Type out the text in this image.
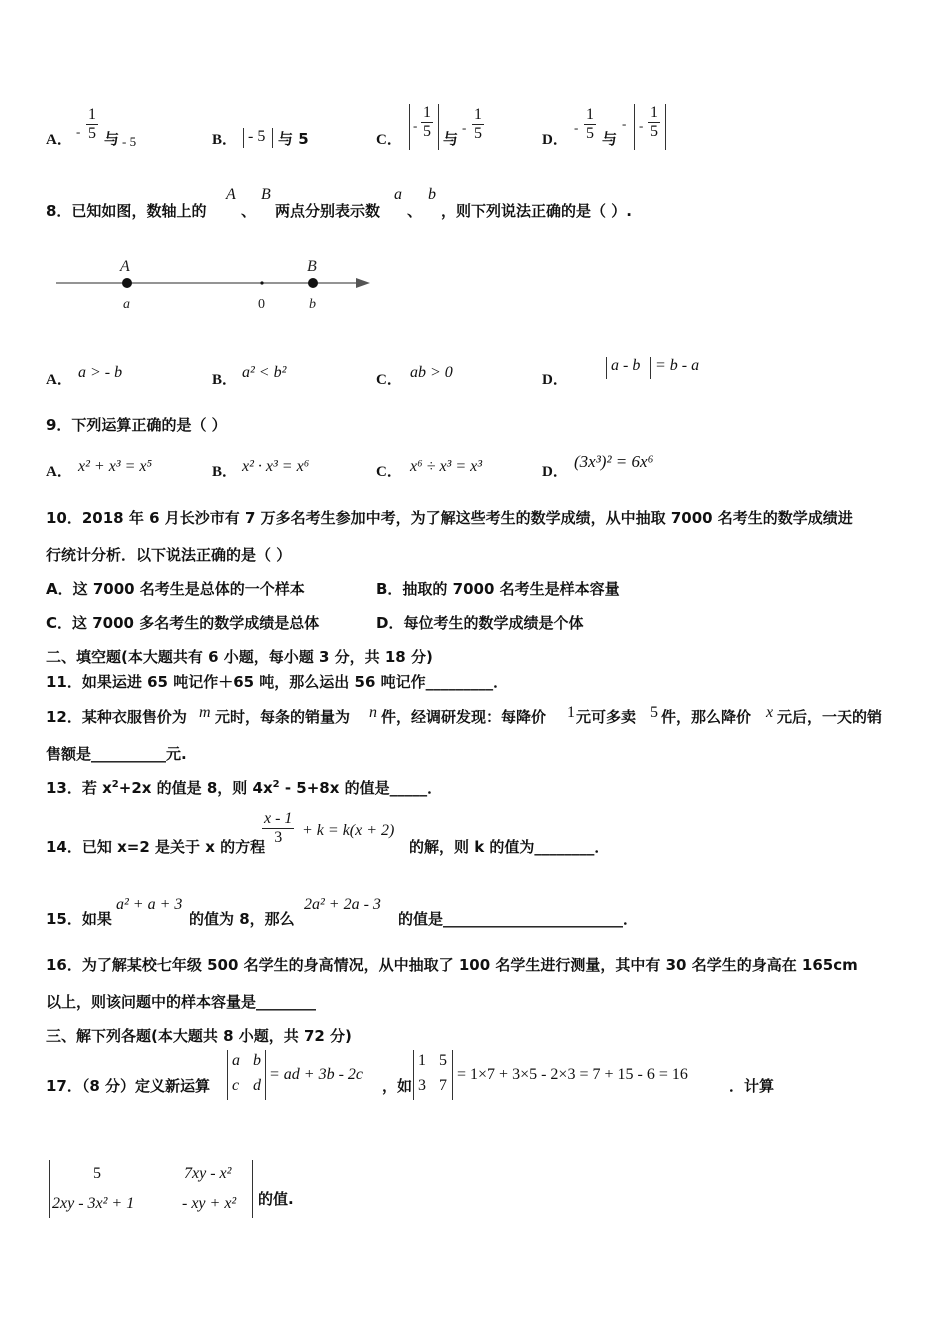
A．
- $\frac{1}{5}$ 与 - 5	B． - 5 与 5	C．
- $\frac{1}{5}$ 与
- $\frac{1}{5}$	D．
- $\frac{1}{5}$ 与
- - $\frac{1}{5}$
8．已知如图，数轴上的
A
、
B
两点分别表示数
a
、
b
，则下列说法正确的是（ ）.
A
a	0
B
b
A． a > - b	B． a² < b²	C． ab > 0	D．
a - b = b - a
9．下列运算正确的是（ ）
A． x² + x³ = x⁵	B． x² · x³ = x⁶	C． x⁶ ÷ x³ = x³	D．
(3x³)² = 6x⁶
10．2018 年 6 月长沙市有 7 万多名考生参加中考，为了解这些考生的数学成绩，从中抽取 7000 名考生的数学成绩进
行统计分析．以下说法正确的是（ ）
A．这 7000 名考生是总体的一个样本	B．抽取的 7000 名考生是样本容量
C．这 7000 多名考生的数学成绩是总体	D．每位考生的数学成绩是个体
二、填空题(本大题共有 6 小题，每小题 3 分，共 18 分)
11．如果运进 65 吨记作＋65 吨，那么运出 56 吨记作_________．
12．某种衣服售价为 m 元时，每条的销量为 n 件，经调研发现：每降价 1 元可多卖 5 件，那么降价 x 元后，一天的销
售额是__________元.
13．若 $x^2+2x$ 的值是 8，则 $4x^2 - 5+8x$ 的值是_____．
14．已知 x=2 是关于 x 的方程
$\frac{x - 1}{3} + k = k(x + 2)$
的解，则 k 的值为________．
15．如果
a² + a + 3
的值为 8，那么
2a² + 2a - 3
的值是________________________．
16．为了解某校七年级 500 名学生的身高情况，从中抽取了 100 名学生进行测量，其中有 30 名学生的身高在 165cm
以上，则该问题中的样本容量是________
三、解下列各题(本大题共 8 小题，共 72 分)
17．（8 分）定义新运算
a b
c d
= ad + 3b - 2c
，如
1 5
3 7
= 1×7 + 3×5 - 2×3 = 7 + 15 - 6 = 16
．计算
5	7xy - x²
2xy - 3x² + 1	- xy + x² 的值.
